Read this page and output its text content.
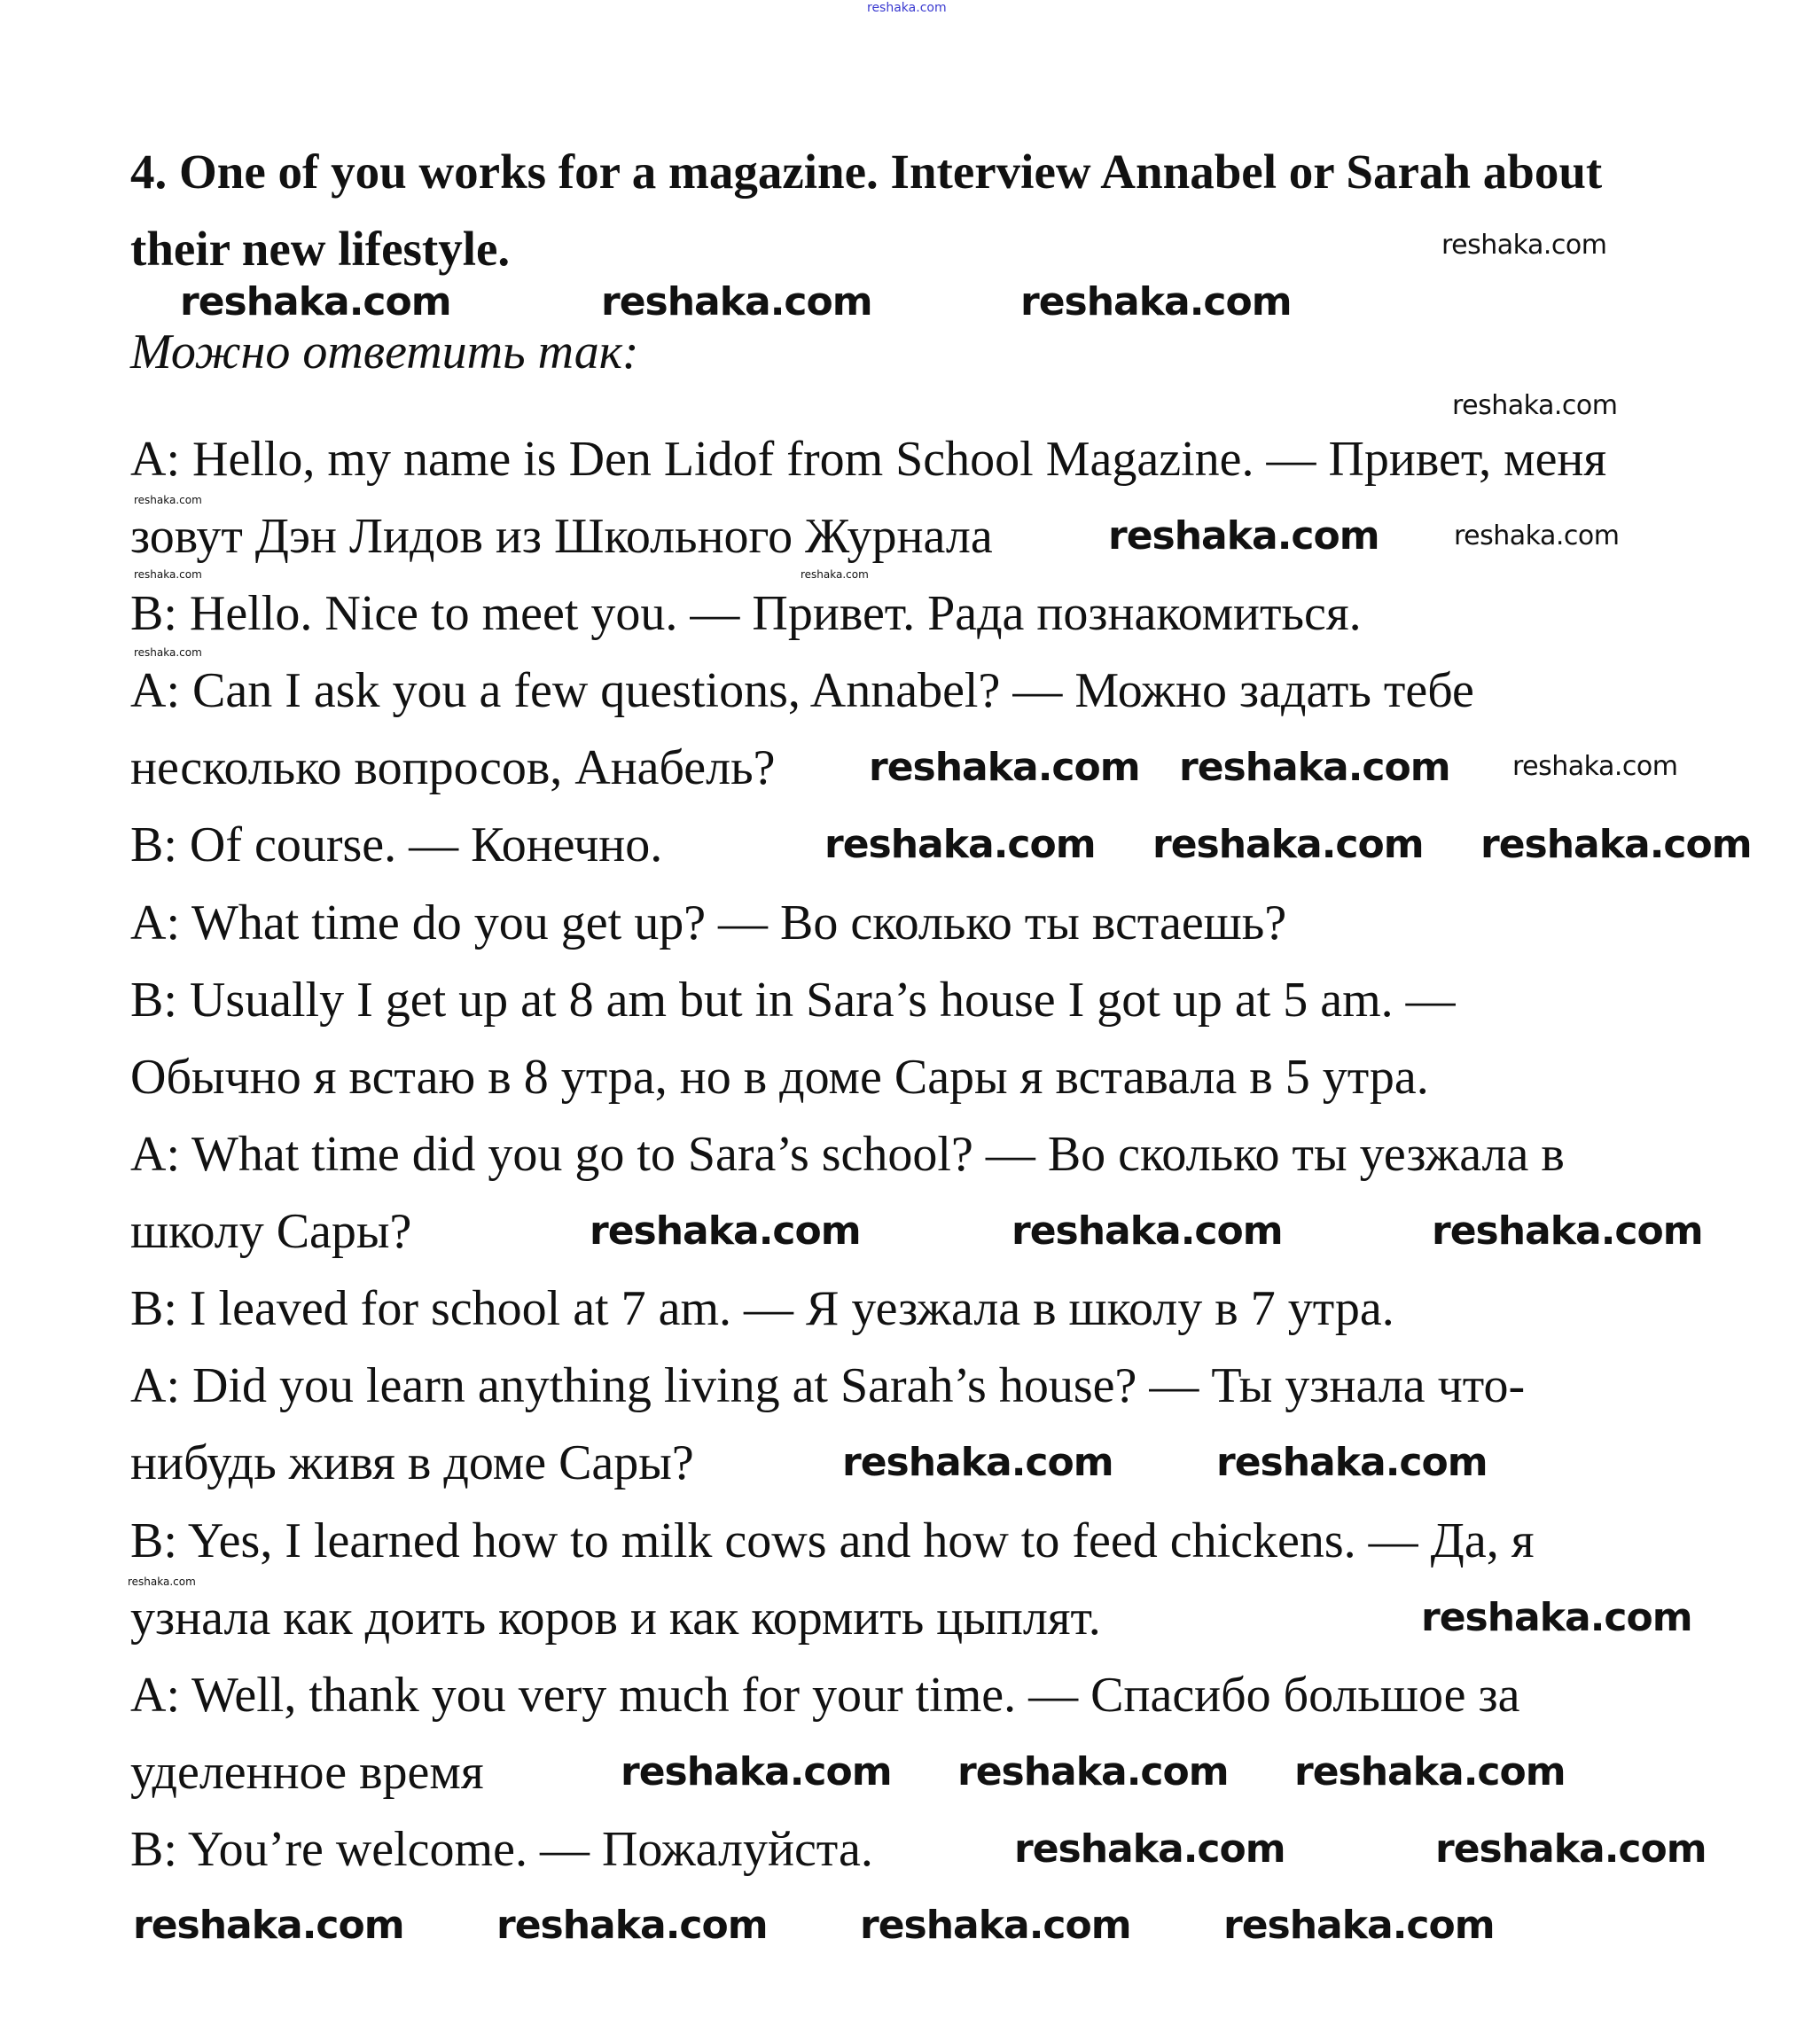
4. One of you works for a magazine. Interview Annabel or Sarah about
their new lifestyle.
Можно ответить так:
A: Hello, my name is Den Lidof from School Magazine. — Привет, меня
зовут Дэн Лидов из Школьного Журнала
B: Hello. Nice to meet you. — Привет. Рада познакомиться.
A: Can I ask you a few questions, Annabel? — Можно задать тебе
несколько вопросов, Анабель?
B: Of course. — Конечно.
A: What time do you get up? — Во сколько ты встаешь?
B: Usually I get up at 8 am but in Sara’s house I got up at 5 am. —
Обычно я встаю в 8 утра, но в доме Сары я вставала в 5 утра.
A: What time did you go to Sara’s school? — Во сколько ты уезжала в
школу Сары?
B: I leaved for school at 7 am. — Я уезжала в школу в 7 утра.
A: Did you learn anything living at Sarah’s house? — Ты узнала что-
нибудь живя в доме Сары?
B: Yes, I learned how to milk cows and how to feed chickens. — Да, я
узнала как доить коров и как кормить цыплят.
A: Well, thank you very much for your time. — Спасибо большое за
уделенное время
B: You’re welcome. — Пожалуйста.
reshaka.com
reshaka.com
reshaka.com	reshaka.com	reshaka.com
reshaka.com
reshaka.com
reshaka.com	reshaka.com
reshaka.com
reshaka.com	reshaka.com
reshaka.com
reshaka.com
reshaka.com
reshaka.com reshaka.com reshaka.com
reshaka.com reshaka.com
reshaka.com
reshaka.com
reshaka.com	reshaka.com
reshaka.com
reshaka.com	reshaka.com
reshaka.com
reshaka.com
reshaka.com
reshaka.com
reshaka.com
reshaka.com	reshaka.com
